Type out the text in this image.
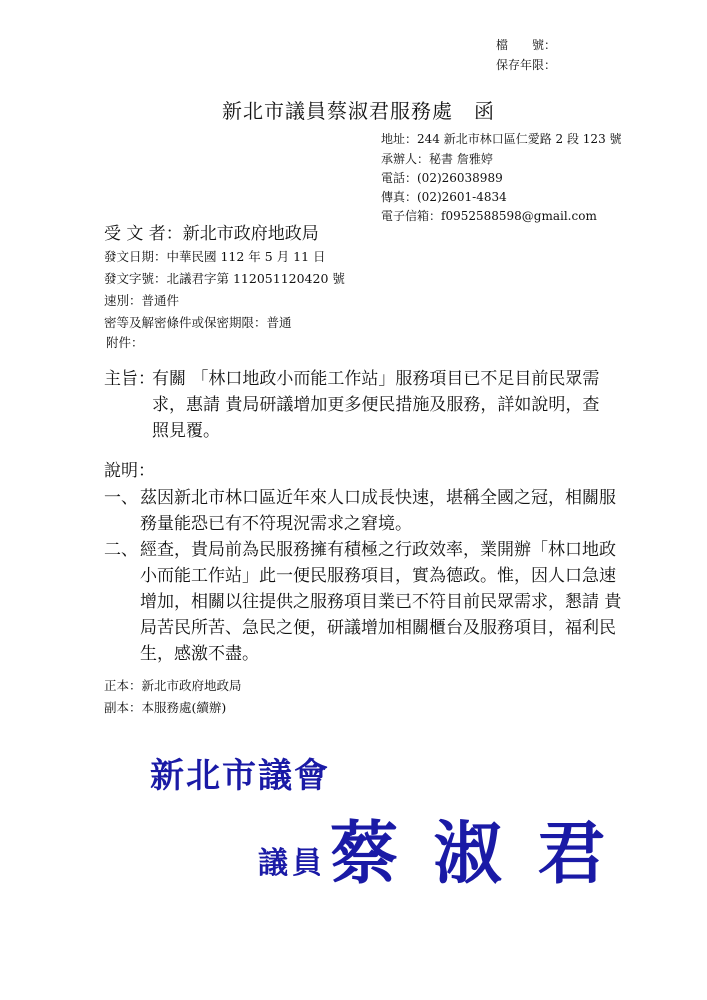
檔　　號：
保存年限：
新北市議員蔡淑君服務處　函
地址：244 新北市林口區仁愛路 2 段 123 號
承辦人：秘書 詹雅婷
電話：(02)26038989
傳真：(02)2601-4834
電子信箱：f0952588598@gmail.com
受 文 者：新北市政府地政局
發文日期：中華民國 112 年 5 月 11 日
發文字號：北議君字第 112051120420 號
速別：普通件
密等及解密條件或保密期限：普通
附件：
主旨：
有關 「林口地政小而能工作站」服務項目已不足目前民眾需
求，惠請 貴局研議增加更多便民措施及服務，詳如說明，查
照見覆。
說明：
一、 茲因新北市林口區近年來人口成長快速，堪稱全國之冠，相關服
務量能恐已有不符現況需求之窘境。
二、 經查，貴局前為民服務擁有積極之行政效率，業開辦「林口地政
小而能工作站」此一便民服務項目，實為德政。惟，因人口急速
增加，相關以往提供之服務項目業已不符目前民眾需求，懇請 貴
局苦民所苦、急民之便，研議增加相關櫃台及服務項目，福利民
生，感激不盡。
正本：新北市政府地政局
副本：本服務處(續辦)
新北市議會
議員 蔡 淑 君
